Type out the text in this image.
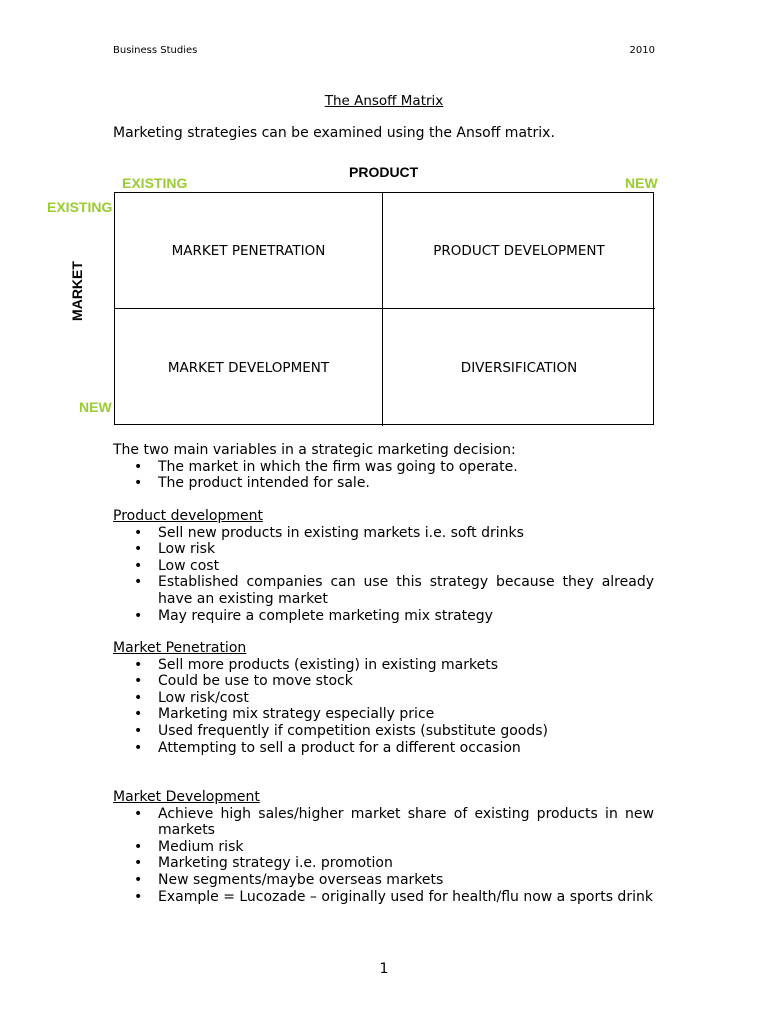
Business Studies	2010
The Ansoff Matrix
Marketing strategies can be examined using the Ansoff matrix.
PRODUCT
MARKET
EXISTING	NEW
EXISTING
NEW
MARKET PENETRATION	PRODUCT DEVELOPMENT
MARKET DEVELOPMENT	DIVERSIFICATION
The two main variables in a strategic marketing decision:
• The market in which the firm was going to operate.
• The product intended for sale.
Product development
• Sell new products in existing markets i.e. soft drinks
• Low risk
• Low cost
• Established companies can use this strategy because they already have an existing market
• May require a complete marketing mix strategy
Market Penetration
• Sell more products (existing) in existing markets
• Could be use to move stock
• Low risk/cost
• Marketing mix strategy especially price
• Used frequently if competition exists (substitute goods)
• Attempting to sell a product for a different occasion
Market Development
• Achieve high sales/higher market share of existing products in new markets
• Medium risk
• Marketing strategy i.e. promotion
• New segments/maybe overseas markets
• Example = Lucozade – originally used for health/flu now a sports drink
1
